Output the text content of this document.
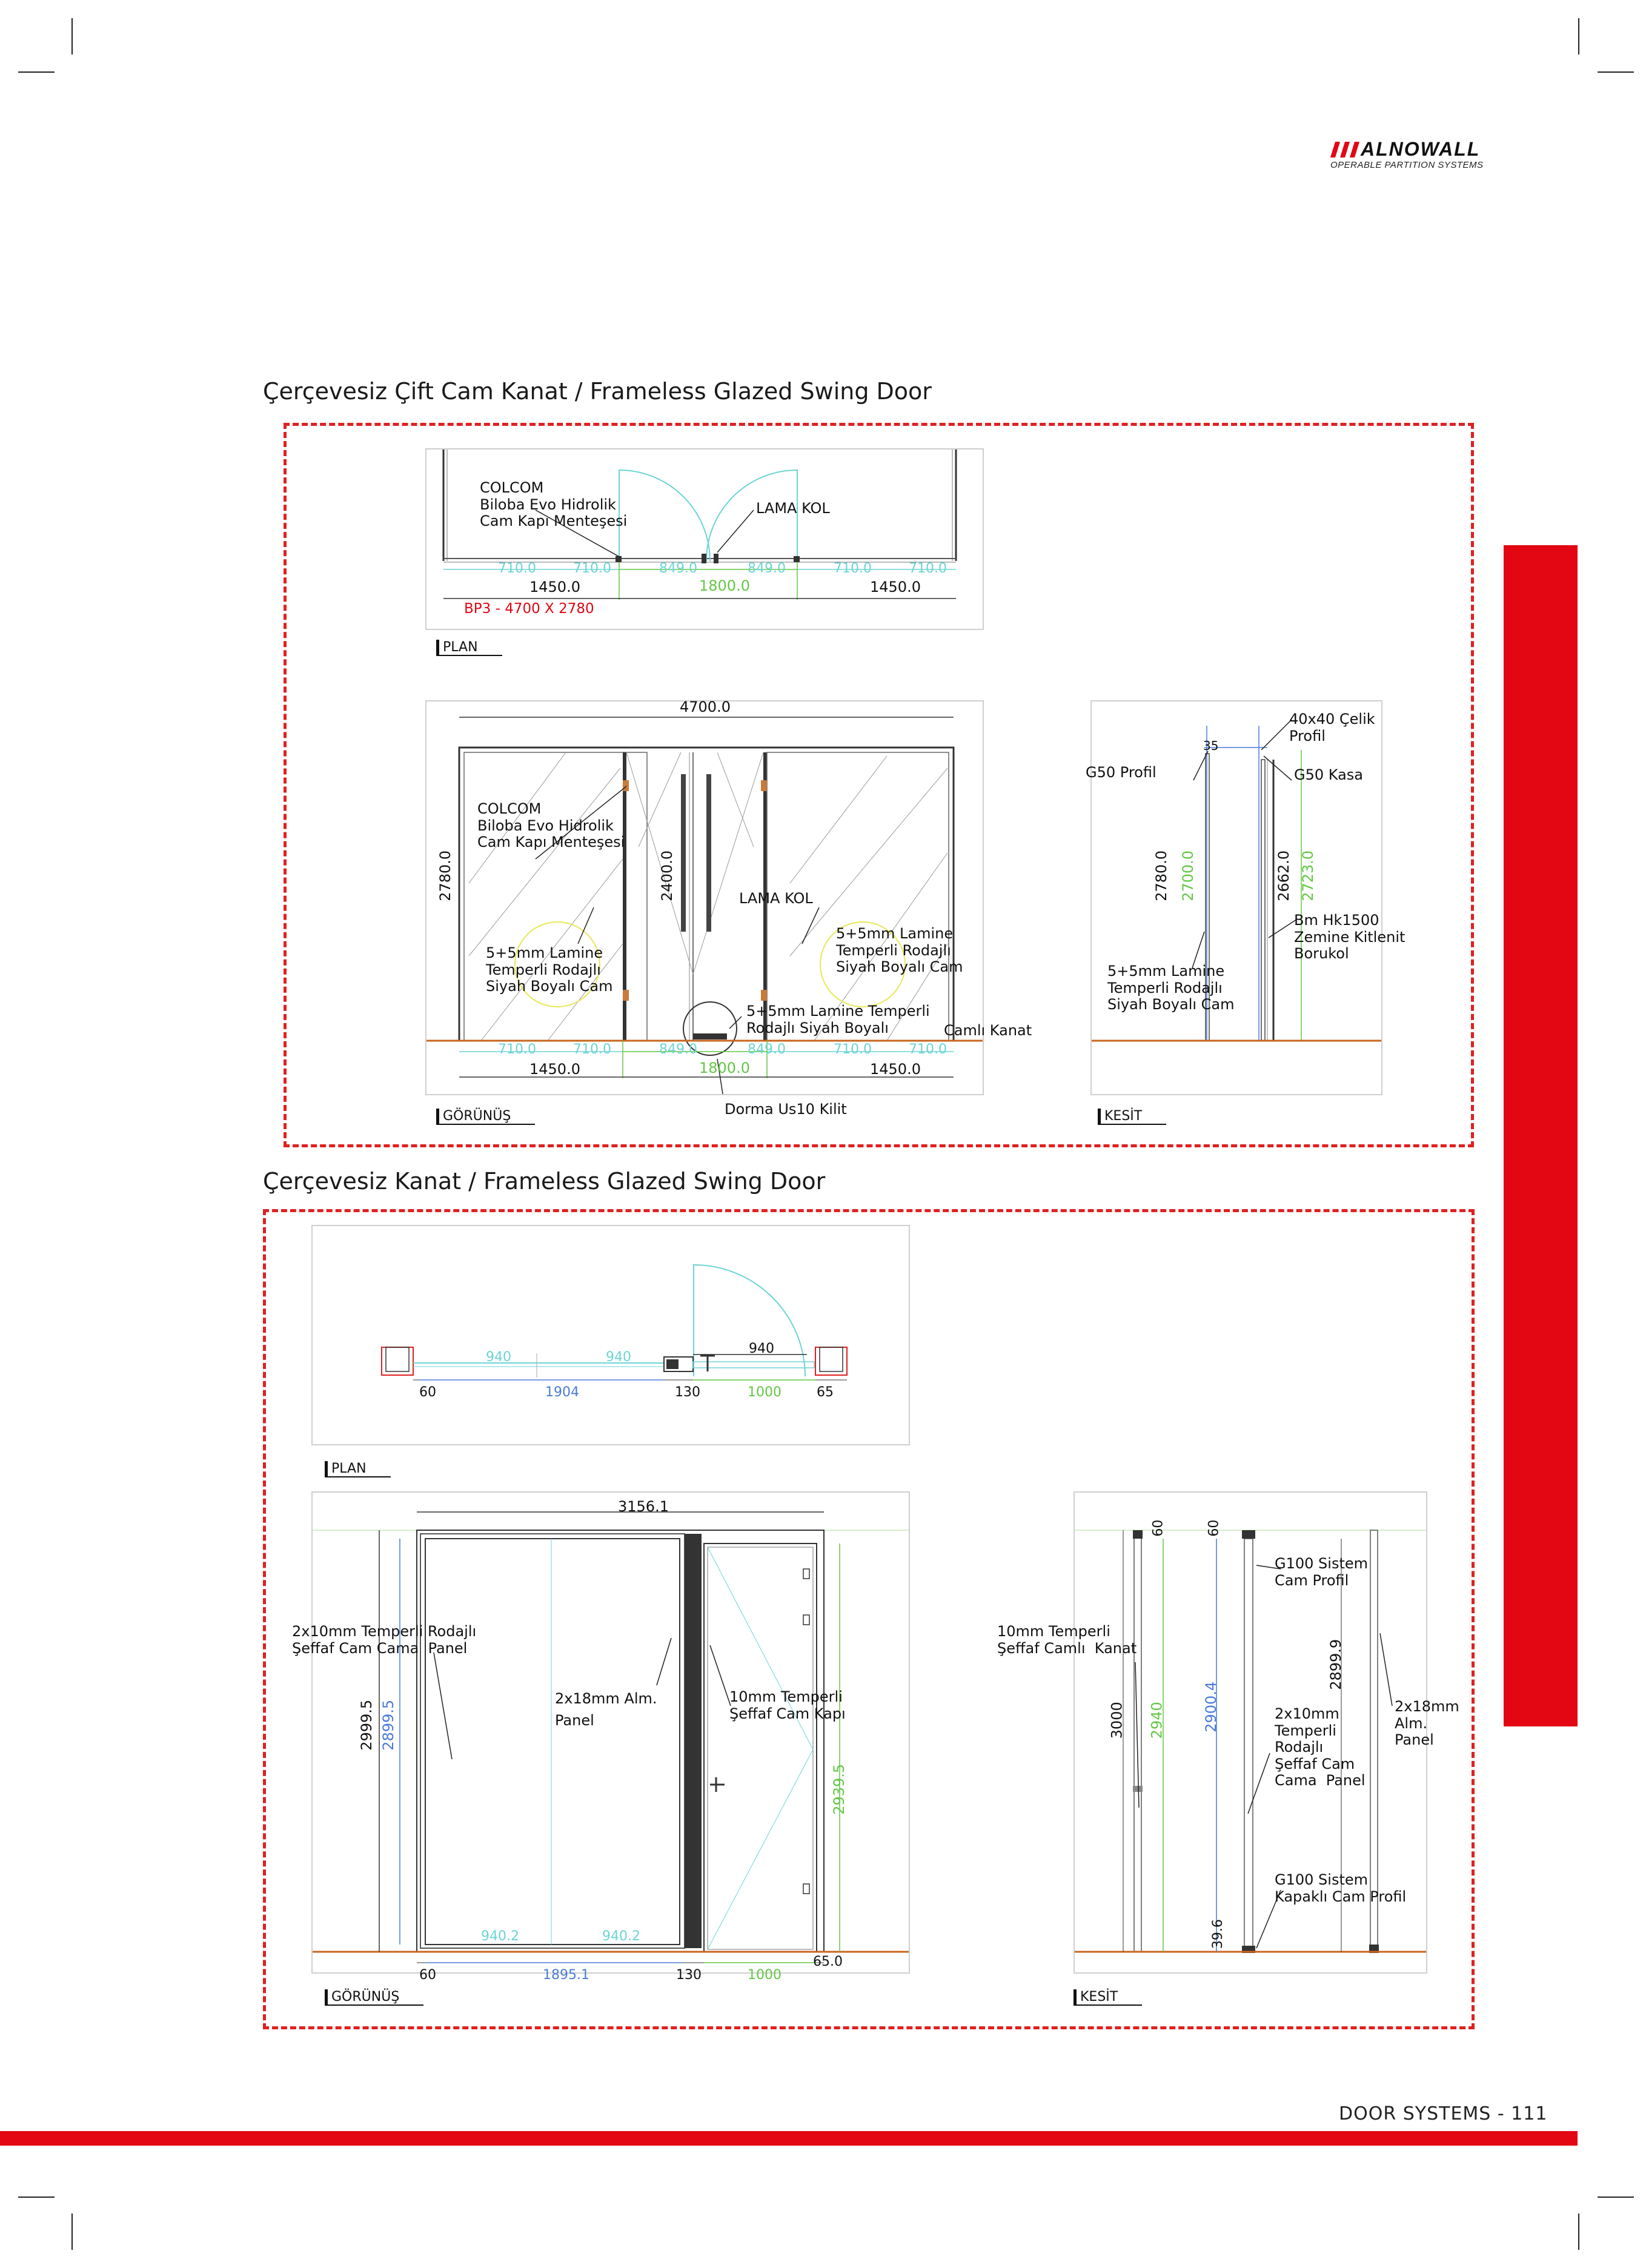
ALNOWALL
OPERABLE PARTITION SYSTEMS
Çerçevesiz Çift Cam Kanat / Frameless Glazed Swing Door
COLCOM
Biloba Evo Hidrolik
Cam Kapı Menteşesi
LAMA KOL
710.0	710.0	849.0	849.0	710.0	710.0
1450.0	1800.0	1450.0
BP3 - 4700 X 2780
PLAN
4700.0
2780.0	2400.0
COLCOM
Biloba Evo Hidrolik
Cam Kapı Menteşesi
LAMA KOL
5+5mm Lamine
Temperli Rodajlı
Siyah Boyalı Cam
5+5mm Lamine
Temperli Rodajlı
Siyah Boyalı Cam
5+5mm Lamine Temperli
Rodajlı Siyah Boyalı	Camlı Kanat
710.0	710.0	849.0	849.0	710.0	710.0
1450.0	1800.0	1450.0
Dorma Us10 Kilit
GÖRÜNÜŞ
35
40x40 Çelik
Profil
G50 Profil	G50 Kasa
Bm Hk1500
Zemine Kitlenit
Borukol
5+5mm Lamine
Temperli Rodajlı
Siyah Boyalı Cam
2780.0 2700.0	2662.0 2723.0
KESİT
Çerçevesiz Kanat / Frameless Glazed Swing Door
940	940
940
60	1904	130	1000	65
PLAN
3156.1
2999.5 2899.5
2939.5
2x10mm Temperli Rodajlı
Şeffaf Cam Cama  Panel
2x18mm Alm.
Panel
10mm Temperli
Şeffaf Cam Kapı
940.2	940.2
60	1895.1	130	1000
65.0
GÖRÜNÜŞ
60	60
39.6
10mm Temperli
Şeffaf Camlı  Kanat
G100 Sistem
Cam Profil
2x10mm
Temperli
Rodajlı
Şeffaf Cam
Cama  Panel
2x18mm
Alm.
Panel
G100 Sistem
Kapaklı Cam Profil
3000 2940	2900.4
2899.9
KESİT
DOOR SYSTEMS - 111
